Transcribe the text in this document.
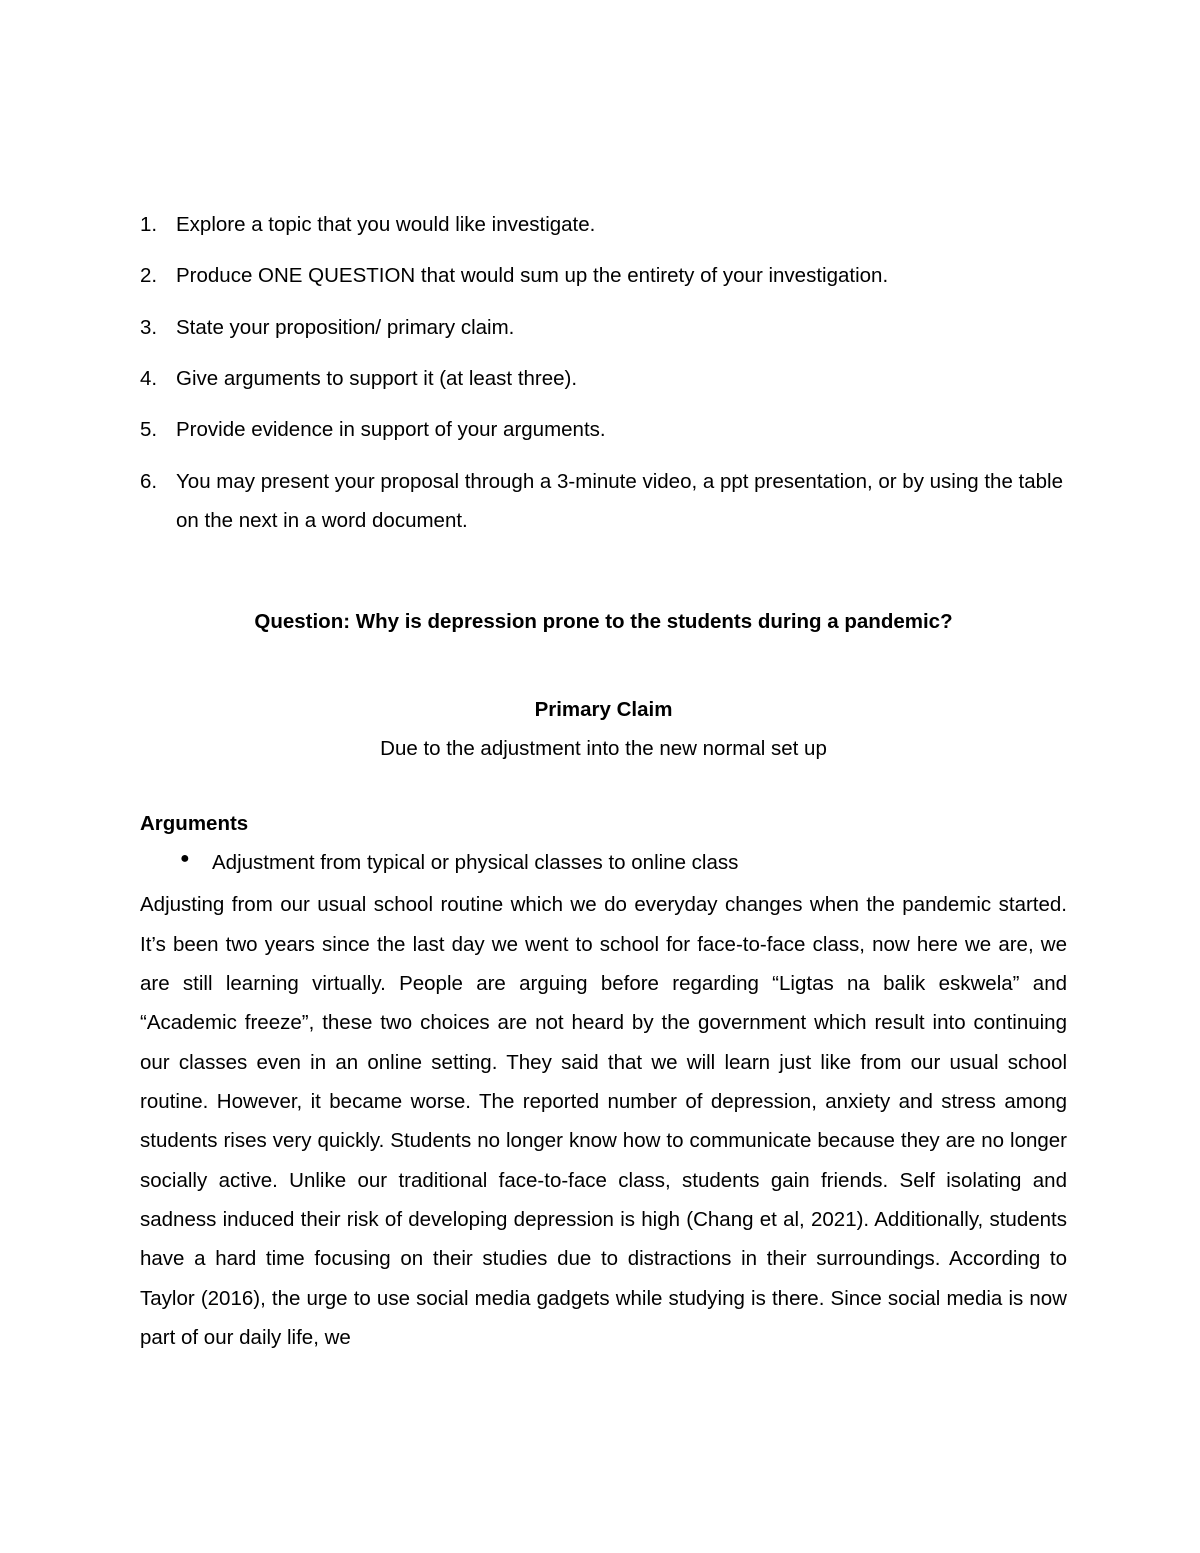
1. Explore a topic that you would like investigate.
2. Produce ONE QUESTION that would sum up the entirety of your investigation.
3. State your proposition/ primary claim.
4. Give arguments to support it (at least three).
5. Provide evidence in support of your arguments.
6. You may present your proposal through a 3-minute video, a ppt presentation, or by using the table on the next in a word document.
Question: Why is depression prone to the students during a pandemic?
Primary Claim
Due to the adjustment into the new normal set up
Arguments
●	Adjustment from typical or physical classes to online class
Adjusting from our usual school routine which we do everyday changes when the pandemic started. It’s been two years since the last day we went to school for face-to-face class, now here we are, we are still learning virtually. People are arguing before regarding “Ligtas na balik eskwela” and “Academic freeze”, these two choices are not heard by the government which result into continuing our classes even in an online setting. They said that we will learn just like from our usual school routine. However, it became worse. The reported number of depression, anxiety and stress among students rises very quickly. Students no longer know how to communicate because they are no longer socially active. Unlike our traditional face-to-face class, students gain friends. Self isolating and sadness induced their risk of developing depression is high (Chang et al, 2021). Additionally, students have a hard time focusing on their studies due to distractions in their surroundings. According to Taylor (2016), the urge to use social media gadgets while studying is there. Since social media is now part of our daily life, we
